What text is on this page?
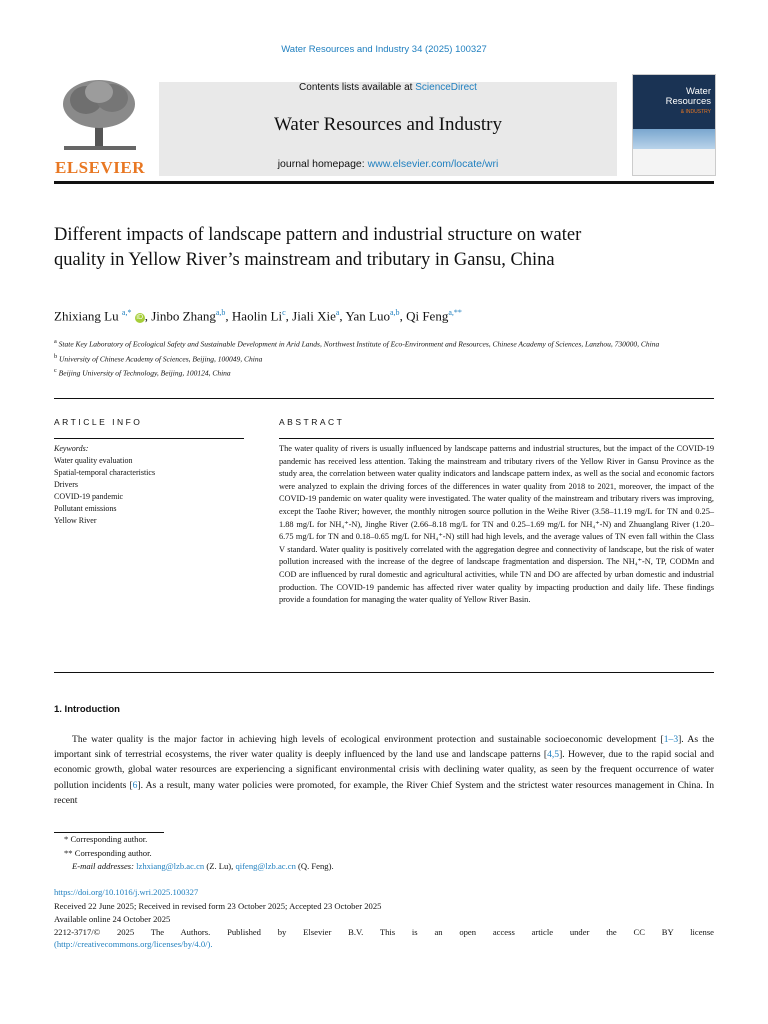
Water Resources and Industry 34 (2025) 100327
ELSEVIER
Contents lists available at ScienceDirect
Water Resources and Industry
journal homepage: www.elsevier.com/locate/wri
Water
Resources
& INDUSTRY
Different impacts of landscape pattern and industrial structure on water quality in Yellow River’s mainstream and tributary in Gansu, China
Zhixiang Lu $^{a,*}$ iD , Jinbo Zhang$^{a,b}$, Haolin Li$^c$, Jiali Xie$^a$, Yan Luo$^{a,b}$, Qi Feng$^{a,**}$
$^a$ State Key Laboratory of Ecological Safety and Sustainable Development in Arid Lands, Northwest Institute of Eco-Environment and Resources, Chinese Academy of Sciences, Lanzhou, 730000, China
$^b$ University of Chinese Academy of Sciences, Beijing, 100049, China
$^c$ Beijing University of Technology, Beijing, 100124, China
ARTICLE INFO	ABSTRACT
Keywords:
Water quality evaluation
Spatial-temporal characteristics
Drivers
COVID-19 pandemic
Pollutant emissions
Yellow River
The water quality of rivers is usually influenced by landscape patterns and industrial structures, but the impact of the COVID-19 pandemic has received less attention. Taking the mainstream and tributary rivers of the Yellow River in Gansu Province as the study area, the correlation between water quality indicators and landscape pattern index, as well as the social and economic factors were analyzed to explain the driving forces of the differences in water quality from 2018 to 2021, moreover, the impact of the COVID-19 pandemic on water quality were investigated. The water quality of the mainstream and tributary rivers was improving, except the Taohe River; however, the monthly nitrogen source pollution in the Weihe River (3.58–11.19 mg/L for TN and 0.25–1.88 mg/L for NH₄⁺-N), Jinghe River (2.66–8.18 mg/L for TN and 0.25–1.69 mg/L for NH₄⁺-N) and Zhuanglang River (1.20–6.75 mg/L for TN and 0.18–0.65 mg/L for NH₄⁺-N) still had high levels, and the average values of TN even fall within the Class V standard. Water quality is positively correlated with the aggregation degree and connectivity of landscape, but the risk of water pollution increased with the increase of the degree of landscape fragmentation and dispersion. The NH₄⁺-N, TP, CODMn and COD are influenced by rural domestic and agricultural activities, while TN and DO are affected by urban domestic and industrial production. The COVID-19 pandemic has affected river water quality by impacting production and daily life. These findings provide a foundation for managing the water quality of Yellow River Basin.
1. Introduction
The water quality is the major factor in achieving high levels of ecological environment protection and sustainable socioeconomic development [1–3]. As the important sink of terrestrial ecosystems, the river water quality is deeply influenced by the land use and landscape patterns [4,5]. However, due to the rapid social and economic growth, global water resources are experiencing a significant environmental crisis with declining water quality, as seen by the frequent occurrence of water pollution incidents [6]. As a result, many water policies were promoted, for example, the River Chief System and the strictest water resources management in China. In recent
* Corresponding author.
** Corresponding author.
E-mail addresses: lzhxiang@lzb.ac.cn (Z. Lu), qifeng@lzb.ac.cn (Q. Feng).
https://doi.org/10.1016/j.wri.2025.100327
Received 22 June 2025; Received in revised form 23 October 2025; Accepted 23 October 2025
Available online 24 October 2025
2212-3717/© 2025 The Authors. Published by Elsevier B.V. This is an open access article under the CC BY license
(http://creativecommons.org/licenses/by/4.0/).
